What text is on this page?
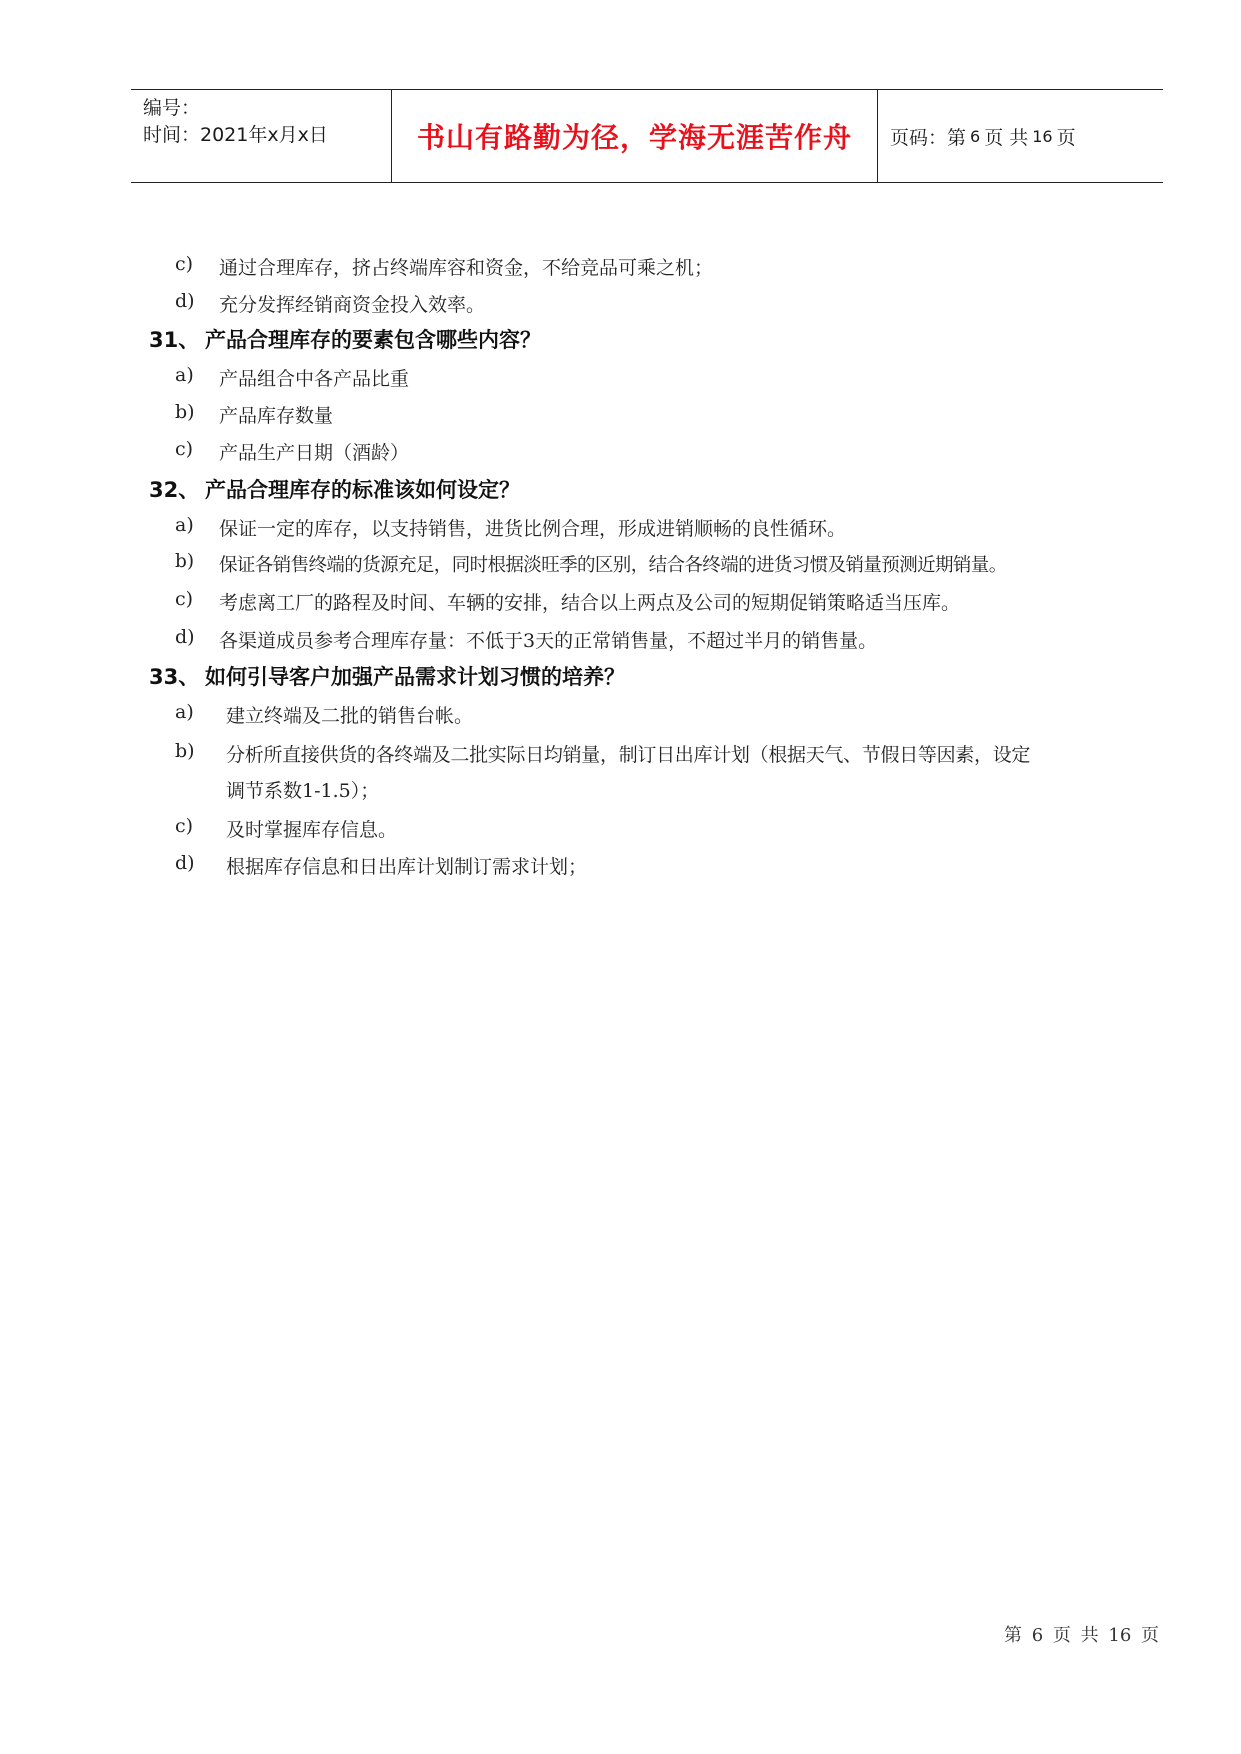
编号：
时间：2021年x月x日	书山有路勤为径，学海无涯苦作舟	页码：第 6 页 共 16 页
c)	通过合理库存，挤占终端库容和资金，不给竞品可乘之机；
d)	充分发挥经销商资金投入效率。
31、 产品合理库存的要素包含哪些内容？
a)	产品组合中各产品比重
b)	产品库存数量
c)	产品生产日期（酒龄）
32、 产品合理库存的标准该如何设定？
a)	保证一定的库存，以支持销售，进货比例合理，形成进销顺畅的良性循环。
b)	保证各销售终端的货源充足，同时根据淡旺季的区别，结合各终端的进货习惯及销量预测近期销量。
c)	考虑离工厂的路程及时间、车辆的安排，结合以上两点及公司的短期促销策略适当压库。
d)	各渠道成员参考合理库存量：不低于3天的正常销售量，不超过半月的销售量。
33、 如何引导客户加强产品需求计划习惯的培养？
a)	建立终端及二批的销售台帐。
b)	分析所直接供货的各终端及二批实际日均销量，制订日出库计划（根据天气、节假日等因素，设定
调节系数1-1.5）；
c)	及时掌握库存信息。
d)	根据库存信息和日出库计划制订需求计划；
第 6 页 共 16 页
